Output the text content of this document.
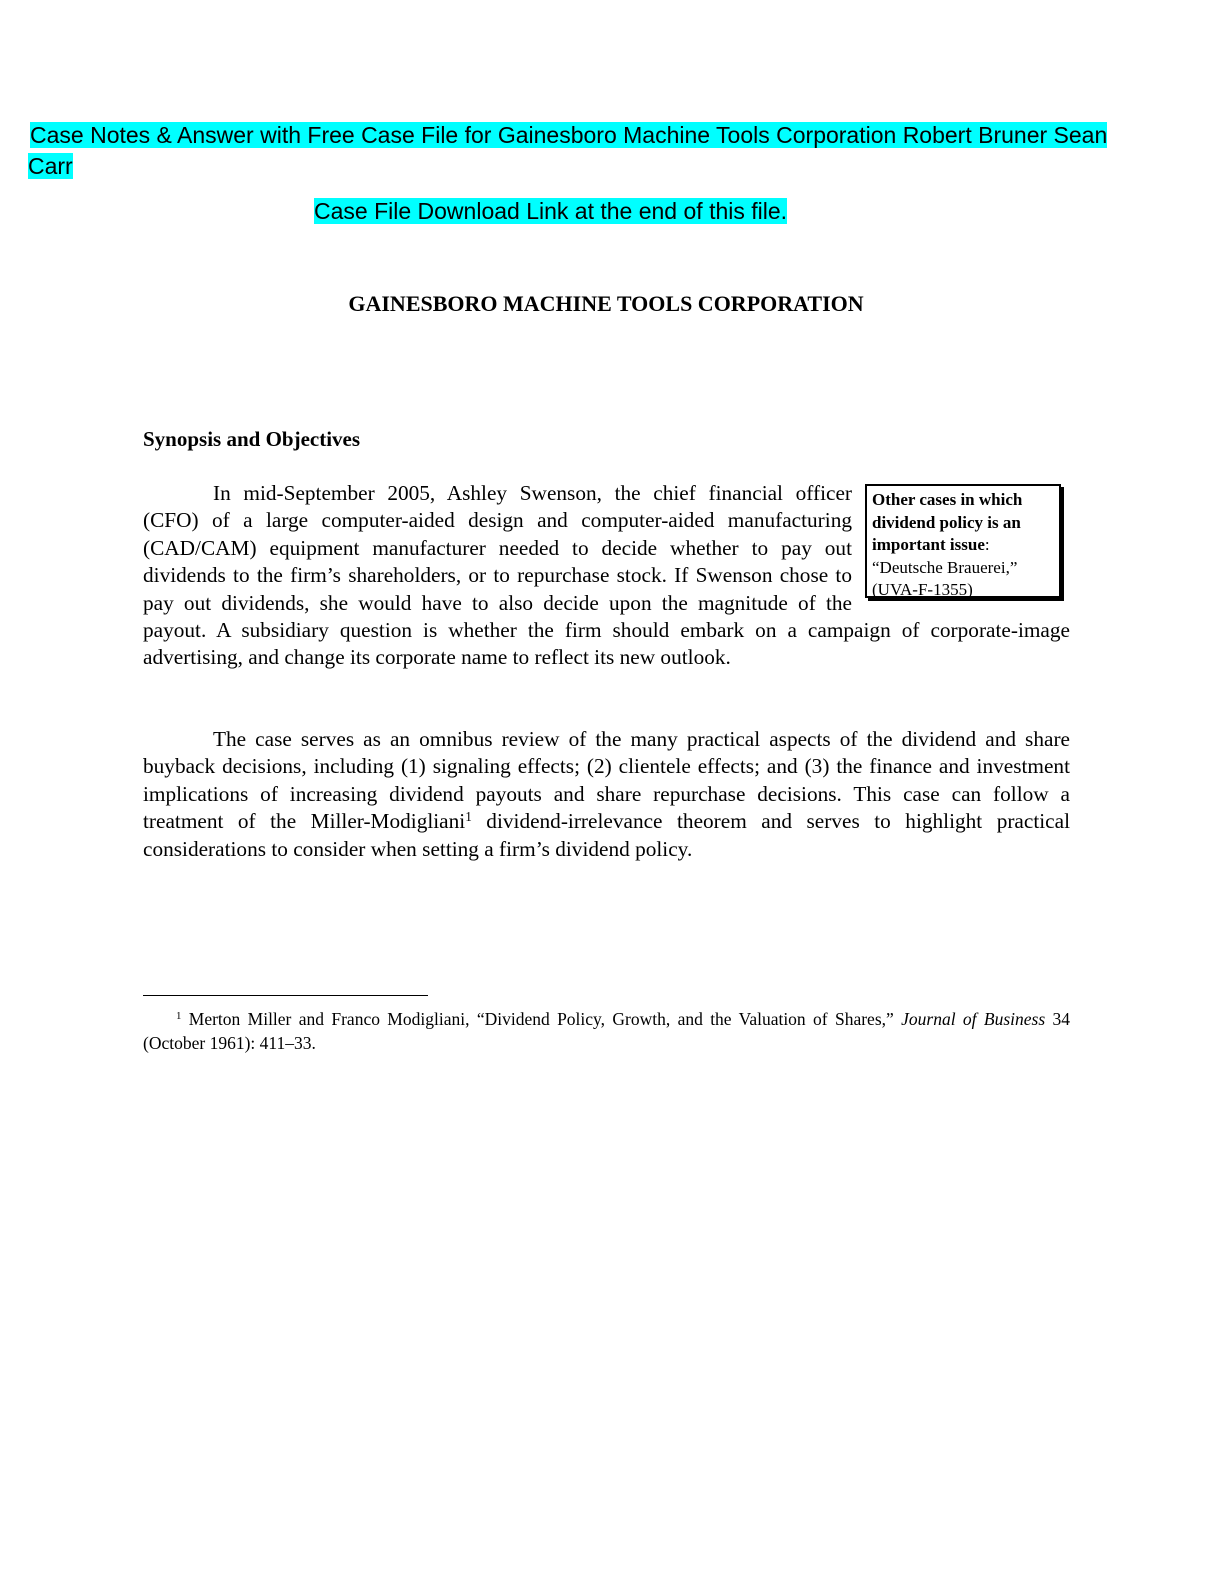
Case Notes & Answer with Free Case File for Gainesboro Machine Tools Corporation Robert Bruner Sean
Carr
Case File Download Link at the end of this file.
GAINESBORO MACHINE TOOLS CORPORATION
Synopsis and Objectives

In mid-September 2005, Ashley Swenson, the chief financial officer (CFO) of a large computer-aided design and computer-aided manufacturing (CAD/CAM) equipment manufacturer needed to decide whether to pay out dividends to the firm’s shareholders, or to repurchase stock. If Swenson chose to pay out dividends, she would have to also decide upon the magnitude of the payout. A subsidiary question is whether the firm should embark on a campaign of corporate-image advertising, and change its corporate name to reflect its new outlook.

Other cases in which dividend policy is an important issue:
“Deutsche Brauerei,”
(UVA-F-1355)

The case serves as an omnibus review of the many practical aspects of the dividend and share buyback decisions, including (1) signaling effects; (2) clientele effects; and (3) the finance and investment implications of increasing dividend payouts and share repurchase decisions. This case can follow a treatment of the Miller-Modigliani$^1$ dividend-irrelevance theorem and serves to highlight practical considerations to consider when setting a firm’s dividend policy.

$^1$ Merton Miller and Franco Modigliani, “Dividend Policy, Growth, and the Valuation of Shares,” Journal of Business 34 (October 1961): 411–33.
